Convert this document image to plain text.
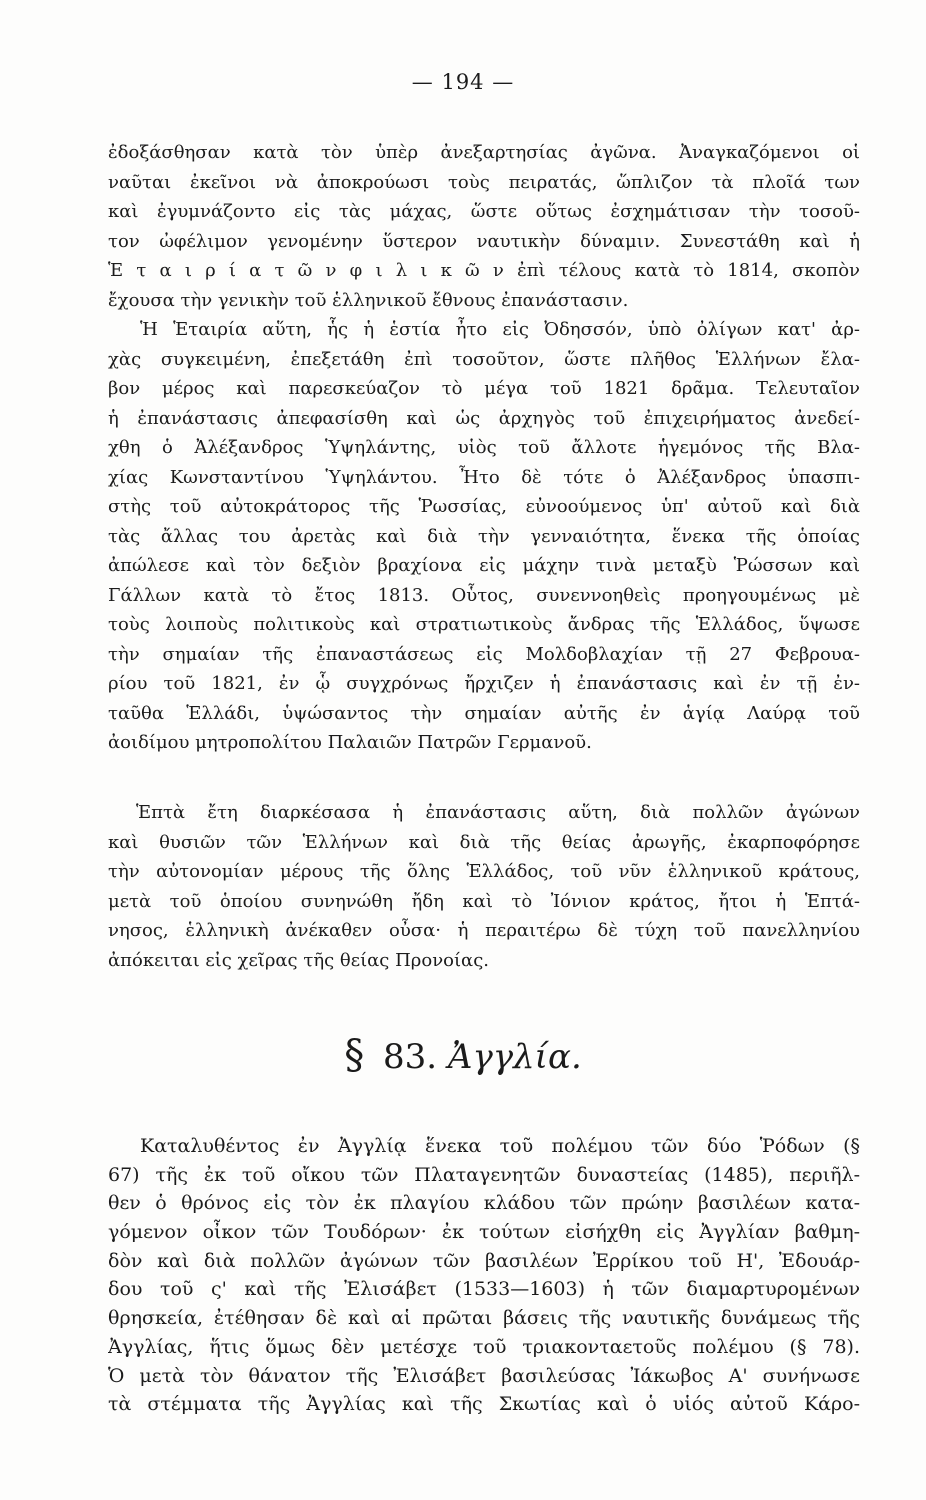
— 194 —
ἐδοξάσθησαν κατὰ τὸν ὑπὲρ ἀνεξαρτησίας ἀγῶνα. Ἀναγκαζόμενοι οἱ
ναῦται ἐκεῖνοι νὰ ἀποκρούωσι τοὺς πειρατάς, ὥπλιζον τὰ πλοῖά των
καὶ ἐγυμνάζοντο εἰς τὰς μάχας, ὥστε οὕτως ἐσχημάτισαν τὴν τοσοῦ-
τον ὠφέλιμον γενομένην ὕστερον ναυτικὴν δύναμιν. Συνεστάθη καὶ ἡ
Ἑ τ α ι ρ ί α τ ῶ ν φ ι λ ι κ ῶ ν ἐπὶ τέλους κατὰ τὸ 1814, σκοπὸν
ἔχουσα τὴν γενικὴν τοῦ ἑλληνικοῦ ἔθνους ἐπανάστασιν.
Ἡ Ἑταιρία αὕτη, ἧς ἡ ἑστία ἦτο εἰς Ὀδησσόν, ὑπὸ ὀλίγων κατ' ἀρ-
χὰς συγκειμένη, ἐπεξετάθη ἐπὶ τοσοῦτον, ὥστε πλῆθος Ἑλλήνων ἔλα-
βον μέρος καὶ παρεσκεύαζον τὸ μέγα τοῦ 1821 δρᾶμα. Τελευταῖον
ἡ ἐπανάστασις ἀπεφασίσθη καὶ ὡς ἀρχηγὸς τοῦ ἐπιχειρήματος ἀνεδεί-
χθη ὁ Ἀλέξανδρος Ὑψηλάντης, υἱὸς τοῦ ἄλλοτε ἡγεμόνος τῆς Βλα-
χίας Κωνσταντίνου Ὑψηλάντου. Ἦτο δὲ τότε ὁ Ἀλέξανδρος ὑπασπι-
στὴς τοῦ αὐτοκράτορος τῆς Ῥωσσίας, εὐνοούμενος ὑπ' αὐτοῦ καὶ διὰ
τὰς ἄλλας του ἀρετὰς καὶ διὰ τὴν γενναιότητα, ἕνεκα τῆς ὁποίας
ἀπώλεσε καὶ τὸν δεξιὸν βραχίονα εἰς μάχην τινὰ μεταξὺ Ῥώσσων καὶ
Γάλλων κατὰ τὸ ἔτος 1813. Οὗτος, συνεννοηθεὶς προηγουμένως μὲ
τοὺς λοιποὺς πολιτικοὺς καὶ στρατιωτικοὺς ἄνδρας τῆς Ἑλλάδος, ὕψωσε
τὴν σημαίαν τῆς ἐπαναστάσεως εἰς Μολδοβλαχίαν τῇ 27 Φεβρουα-
ρίου τοῦ 1821, ἐν ᾧ συγχρόνως ἤρχιζεν ἡ ἐπανάστασις καὶ ἐν τῇ ἐν-
ταῦθα Ἑλλάδι, ὑψώσαντος τὴν σημαίαν αὐτῆς ἐν ἁγίᾳ Λαύρᾳ τοῦ
ἀοιδίμου μητροπολίτου Παλαιῶν Πατρῶν Γερμανοῦ.
Ἑπτὰ ἔτη διαρκέσασα ἡ ἐπανάστασις αὕτη, διὰ πολλῶν ἀγώνων
καὶ θυσιῶν τῶν Ἑλλήνων καὶ διὰ τῆς θείας ἀρωγῆς, ἐκαρποφόρησε
τὴν αὐτονομίαν μέρους τῆς ὅλης Ἑλλάδος, τοῦ νῦν ἑλληνικοῦ κράτους,
μετὰ τοῦ ὁποίου συνηνώθη ἤδη καὶ τὸ Ἰόνιον κράτος, ἤτοι ἡ Ἑπτά-
νησος, ἑλληνικὴ ἀνέκαθεν οὖσα· ἡ περαιτέρω δὲ τύχη τοῦ πανελληνίου
ἀπόκειται εἰς χεῖρας τῆς θείας Προνοίας.
§ 83. Ἀγγλία.
Καταλυθέντος ἐν Ἀγγλίᾳ ἕνεκα τοῦ πολέμου τῶν δύο Ῥόδων (§
67) τῆς ἐκ τοῦ οἴκου τῶν Πλαταγενητῶν δυναστείας (1485), περιῆλ-
θεν ὁ θρόνος εἰς τὸν ἐκ πλαγίου κλάδου τῶν πρώην βασιλέων κατα-
γόμενον οἶκον τῶν Τουδόρων· ἐκ τούτων εἰσήχθη εἰς Ἀγγλίαν βαθμη-
δὸν καὶ διὰ πολλῶν ἀγώνων τῶν βασιλέων Ἐρρίκου τοῦ Η', Ἐδουάρ-
δου τοῦ ς' καὶ τῆς Ἐλισάβετ (1533—1603) ἡ τῶν διαμαρτυρομένων
θρησκεία, ἐτέθησαν δὲ καὶ αἱ πρῶται βάσεις τῆς ναυτικῆς δυνάμεως τῆς
Ἀγγλίας, ἥτις ὅμως δὲν μετέσχε τοῦ τριακονταετοῦς πολέμου (§ 78).
Ὁ μετὰ τὸν θάνατον τῆς Ἐλισάβετ βασιλεύσας Ἰάκωβος Α' συνήνωσε
τὰ στέμματα τῆς Ἀγγλίας καὶ τῆς Σκωτίας καὶ ὁ υἱός αὐτοῦ Κάρο-
